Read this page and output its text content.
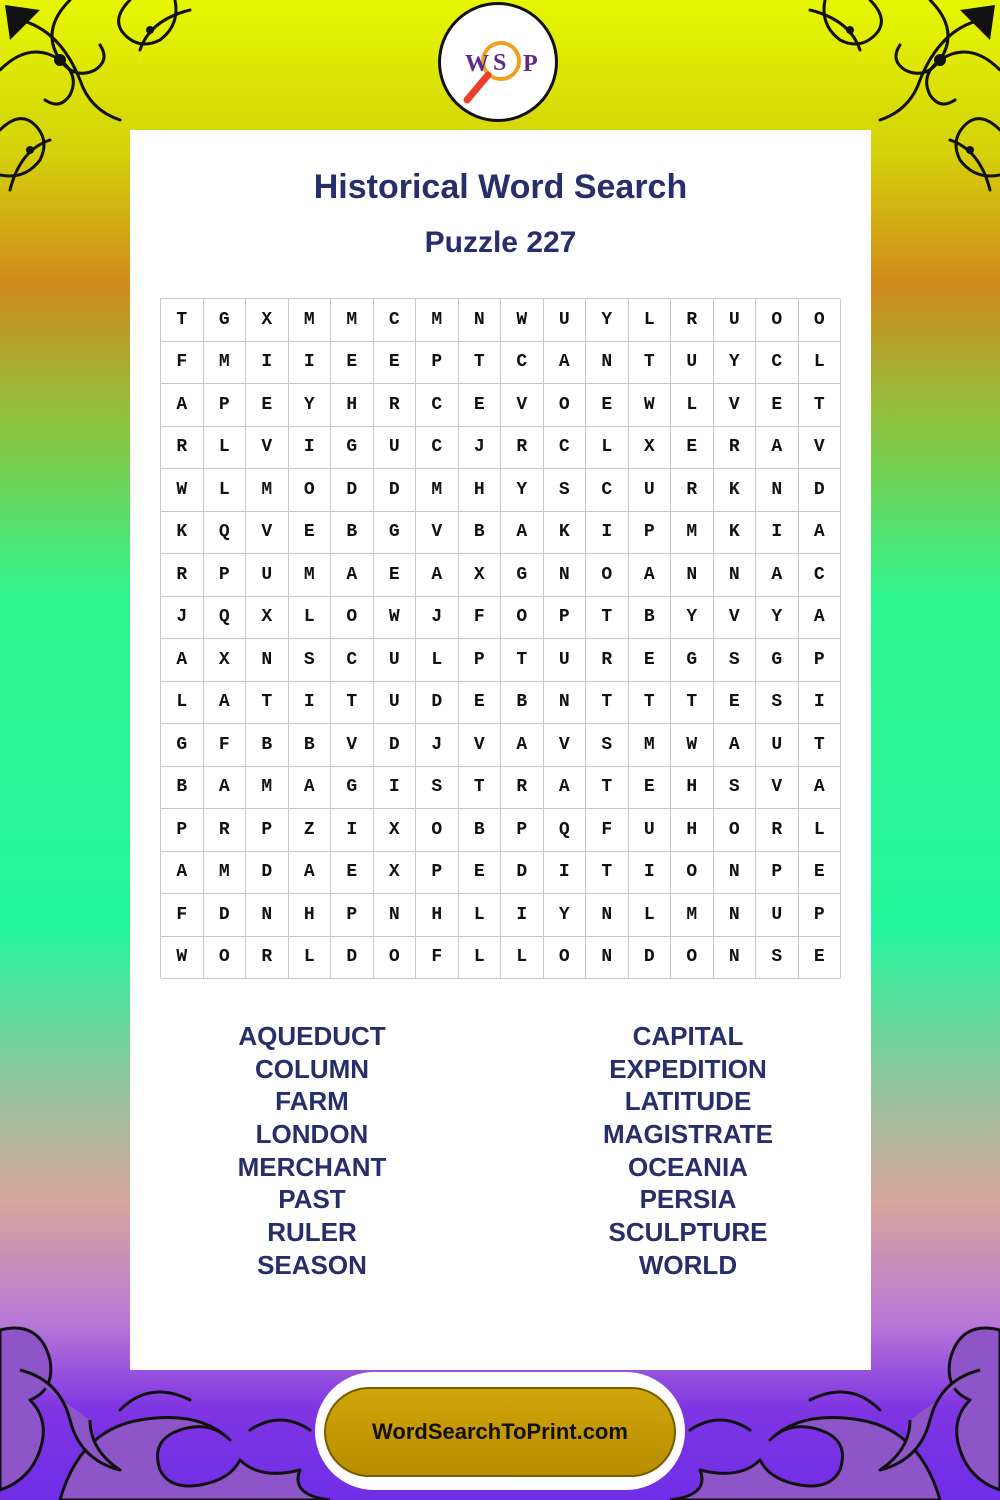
W S P
Historical Word Search
Puzzle 227
T	G	X	M	M	C	M	N	W	U	Y	L	R	U	O	O
F	M	I	I	E	E	P	T	C	A	N	T	U	Y	C	L
A	P	E	Y	H	R	C	E	V	O	E	W	L	V	E	T
R	L	V	I	G	U	C	J	R	C	L	X	E	R	A	V
W	L	M	O	D	D	M	H	Y	S	C	U	R	K	N	D
K	Q	V	E	B	G	V	B	A	K	I	P	M	K	I	A
R	P	U	M	A	E	A	X	G	N	O	A	N	N	A	C
J	Q	X	L	O	W	J	F	O	P	T	B	Y	V	Y	A
A	X	N	S	C	U	L	P	T	U	R	E	G	S	G	P
L	A	T	I	T	U	D	E	B	N	T	T	T	E	S	I
G	F	B	B	V	D	J	V	A	V	S	M	W	A	U	T
B	A	M	A	G	I	S	T	R	A	T	E	H	S	V	A
P	R	P	Z	I	X	O	B	P	Q	F	U	H	O	R	L
A	M	D	A	E	X	P	E	D	I	T	I	O	N	P	E
F	D	N	H	P	N	H	L	I	Y	N	L	M	N	U	P
W	O	R	L	D	O	F	L	L	O	N	D	O	N	S	E
AQUEDUCT
COLUMN
FARM
LONDON
MERCHANT
PAST
RULER
SEASON
CAPITAL
EXPEDITION
LATITUDE
MAGISTRATE
OCEANIA
PERSIA
SCULPTURE
WORLD
WordSearchToPrint.com
